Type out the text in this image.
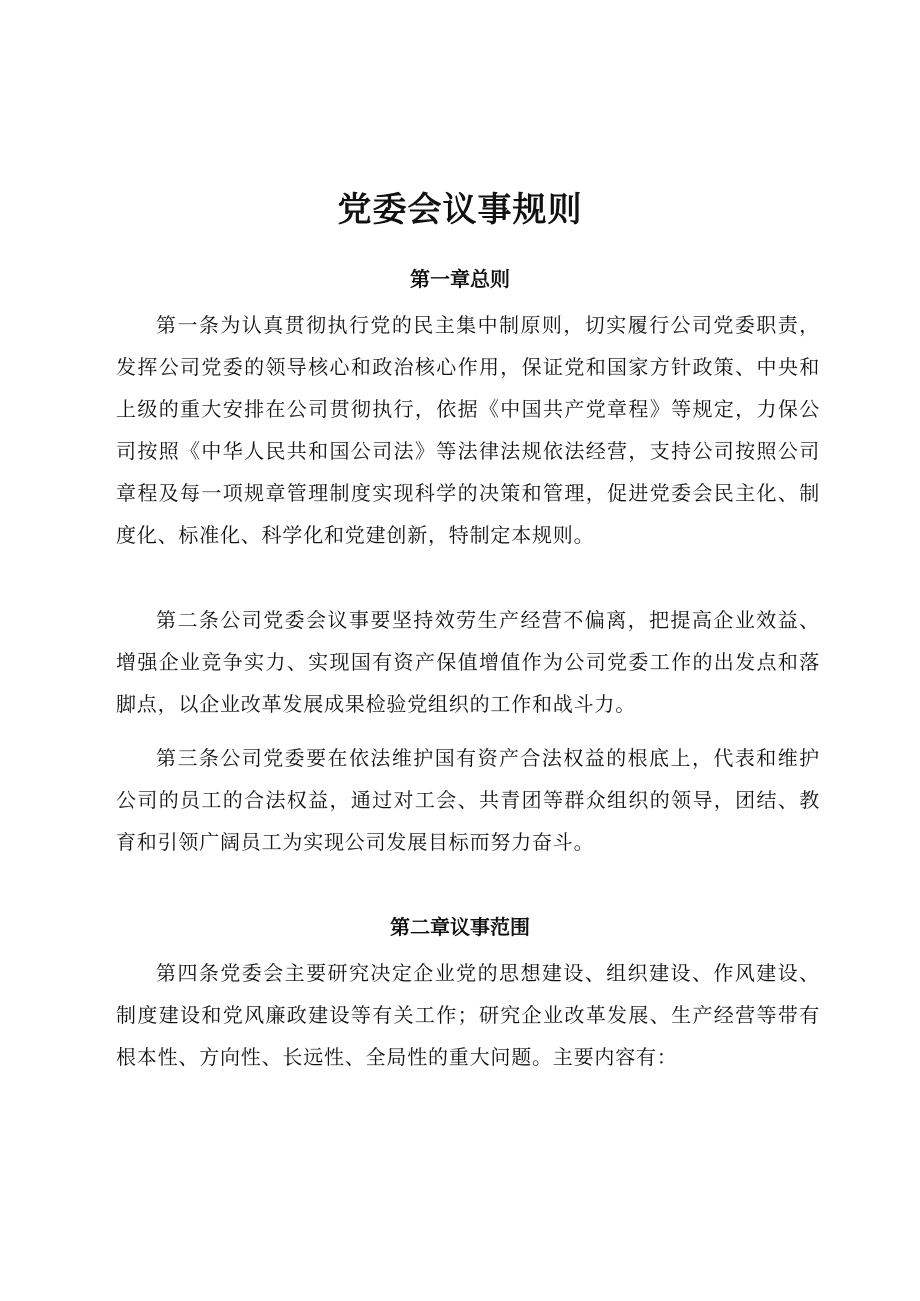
党委会议事规则
第一章总则

第一条为认真贯彻执行党的民主集中制原则，切实履行公司党委职责，发挥公司党委的领导核心和政治核心作用，保证党和国家方针政策、中央和上级的重大安排在公司贯彻执行，依据《中国共产党章程》等规定，力保公司按照《中华人民共和国公司法》等法律法规依法经营，支持公司按照公司章程及每一项规章管理制度实现科学的决策和管理，促进党委会民主化、制度化、标准化、科学化和党建创新，特制定本规则。

第二条公司党委会议事要坚持效劳生产经营不偏离，把提高企业效益、增强企业竞争实力、实现国有资产保值增值作为公司党委工作的出发点和落脚点，以企业改革发展成果检验党组织的工作和战斗力。

第三条公司党委要在依法维护国有资产合法权益的根底上，代表和维护公司的员工的合法权益，通过对工会、共青团等群众组织的领导，团结、教育和引领广阔员工为实现公司发展目标而努力奋斗。

第二章议事范围

第四条党委会主要研究决定企业党的思想建设、组织建设、作风建设、制度建设和党风廉政建设等有关工作；研究企业改革发展、生产经营等带有根本性、方向性、长远性、全局性的重大问题。主要内容有：
